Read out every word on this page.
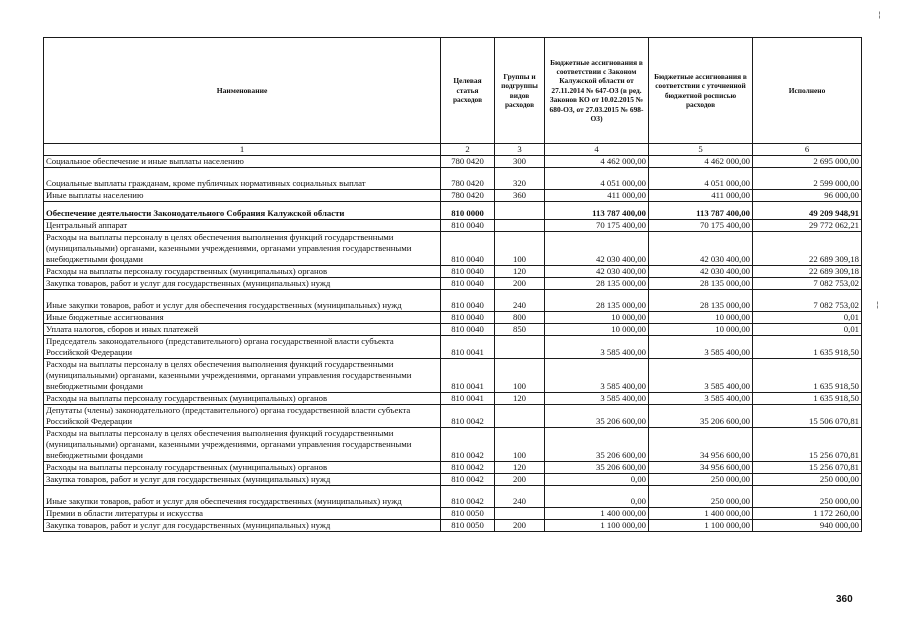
Наименование	Целевая статья расходов	Группы и подгруппы видов расходов	Бюджетные ассигнования в соответствии с Законом Калужской области от 27.11.2014 № 647-ОЗ (в ред. Законов КО от 10.02.2015 № 680-ОЗ, от 27.03.2015 № 698-ОЗ)	Бюджетные ассигнования в соответствии с уточненной бюджетной росписью расходов	Исполнено
1	2	3	4	5	6
Социальное обеспечение и иные выплаты населению	780 0420	300	4 462 000,00	4 462 000,00	2 695 000,00
Социальные выплаты гражданам, кроме публичных нормативных социальных выплат	780 0420	320	4 051 000,00	4 051 000,00	2 599 000,00
Иные выплаты населению	780 0420	360	411 000,00	411 000,00	96 000,00
Обеспечение деятельности Законодательного Собрания Калужской области	810 0000		113 787 400,00	113 787 400,00	49 209 948,91
Центральный аппарат	810 0040		70 175 400,00	70 175 400,00	29 772 062,21
Расходы на выплаты персоналу в целях обеспечения выполнения функций государственными (муниципальными) органами, казенными учреждениями, органами управления государственными внебюджетными фондами	810 0040	100	42 030 400,00	42 030 400,00	22 689 309,18
Расходы на выплаты персоналу государственных (муниципальных) органов	810 0040	120	42 030 400,00	42 030 400,00	22 689 309,18
Закупка товаров, работ и услуг для государственных (муниципальных) нужд	810 0040	200	28 135 000,00	28 135 000,00	7 082 753,02
Иные закупки товаров, работ и услуг для обеспечения государственных (муниципальных) нужд	810 0040	240	28 135 000,00	28 135 000,00	7 082 753,02
Иные бюджетные ассигнования	810 0040	800	10 000,00	10 000,00	0,01
Уплата налогов, сборов и иных платежей	810 0040	850	10 000,00	10 000,00	0,01
Председатель законодательного (представительного) органа государственной власти субъекта Российской Федерации	810 0041		3 585 400,00	3 585 400,00	1 635 918,50
Расходы на выплаты персоналу в целях обеспечения выполнения функций государственными (муниципальными) органами, казенными учреждениями, органами управления государственными внебюджетными фондами	810 0041	100	3 585 400,00	3 585 400,00	1 635 918,50
Расходы на выплаты персоналу государственных (муниципальных) органов	810 0041	120	3 585 400,00	3 585 400,00	1 635 918,50
Депутаты (члены) законодательного (представительного) органа государственной власти субъекта Российской Федерации	810 0042		35 206 600,00	35 206 600,00	15 506 070,81
Расходы на выплаты персоналу в целях обеспечения выполнения функций государственными (муниципальными) органами, казенными учреждениями, органами управления государственными внебюджетными фондами	810 0042	100	35 206 600,00	34 956 600,00	15 256 070,81
Расходы на выплаты персоналу государственных (муниципальных) органов	810 0042	120	35 206 600,00	34 956 600,00	15 256 070,81
Закупка товаров, работ и услуг для государственных (муниципальных) нужд	810 0042	200	0,00	250 000,00	250 000,00
Иные закупки товаров, работ и услуг для обеспечения государственных (муниципальных) нужд	810 0042	240	0,00	250 000,00	250 000,00
Премии в области литературы и искусства	810 0050		1 400 000,00	1 400 000,00	1 172 260,00
Закупка товаров, работ и услуг для государственных (муниципальных) нужд	810 0050	200	1 100 000,00	1 100 000,00	940 000,00
360
¦
¦
